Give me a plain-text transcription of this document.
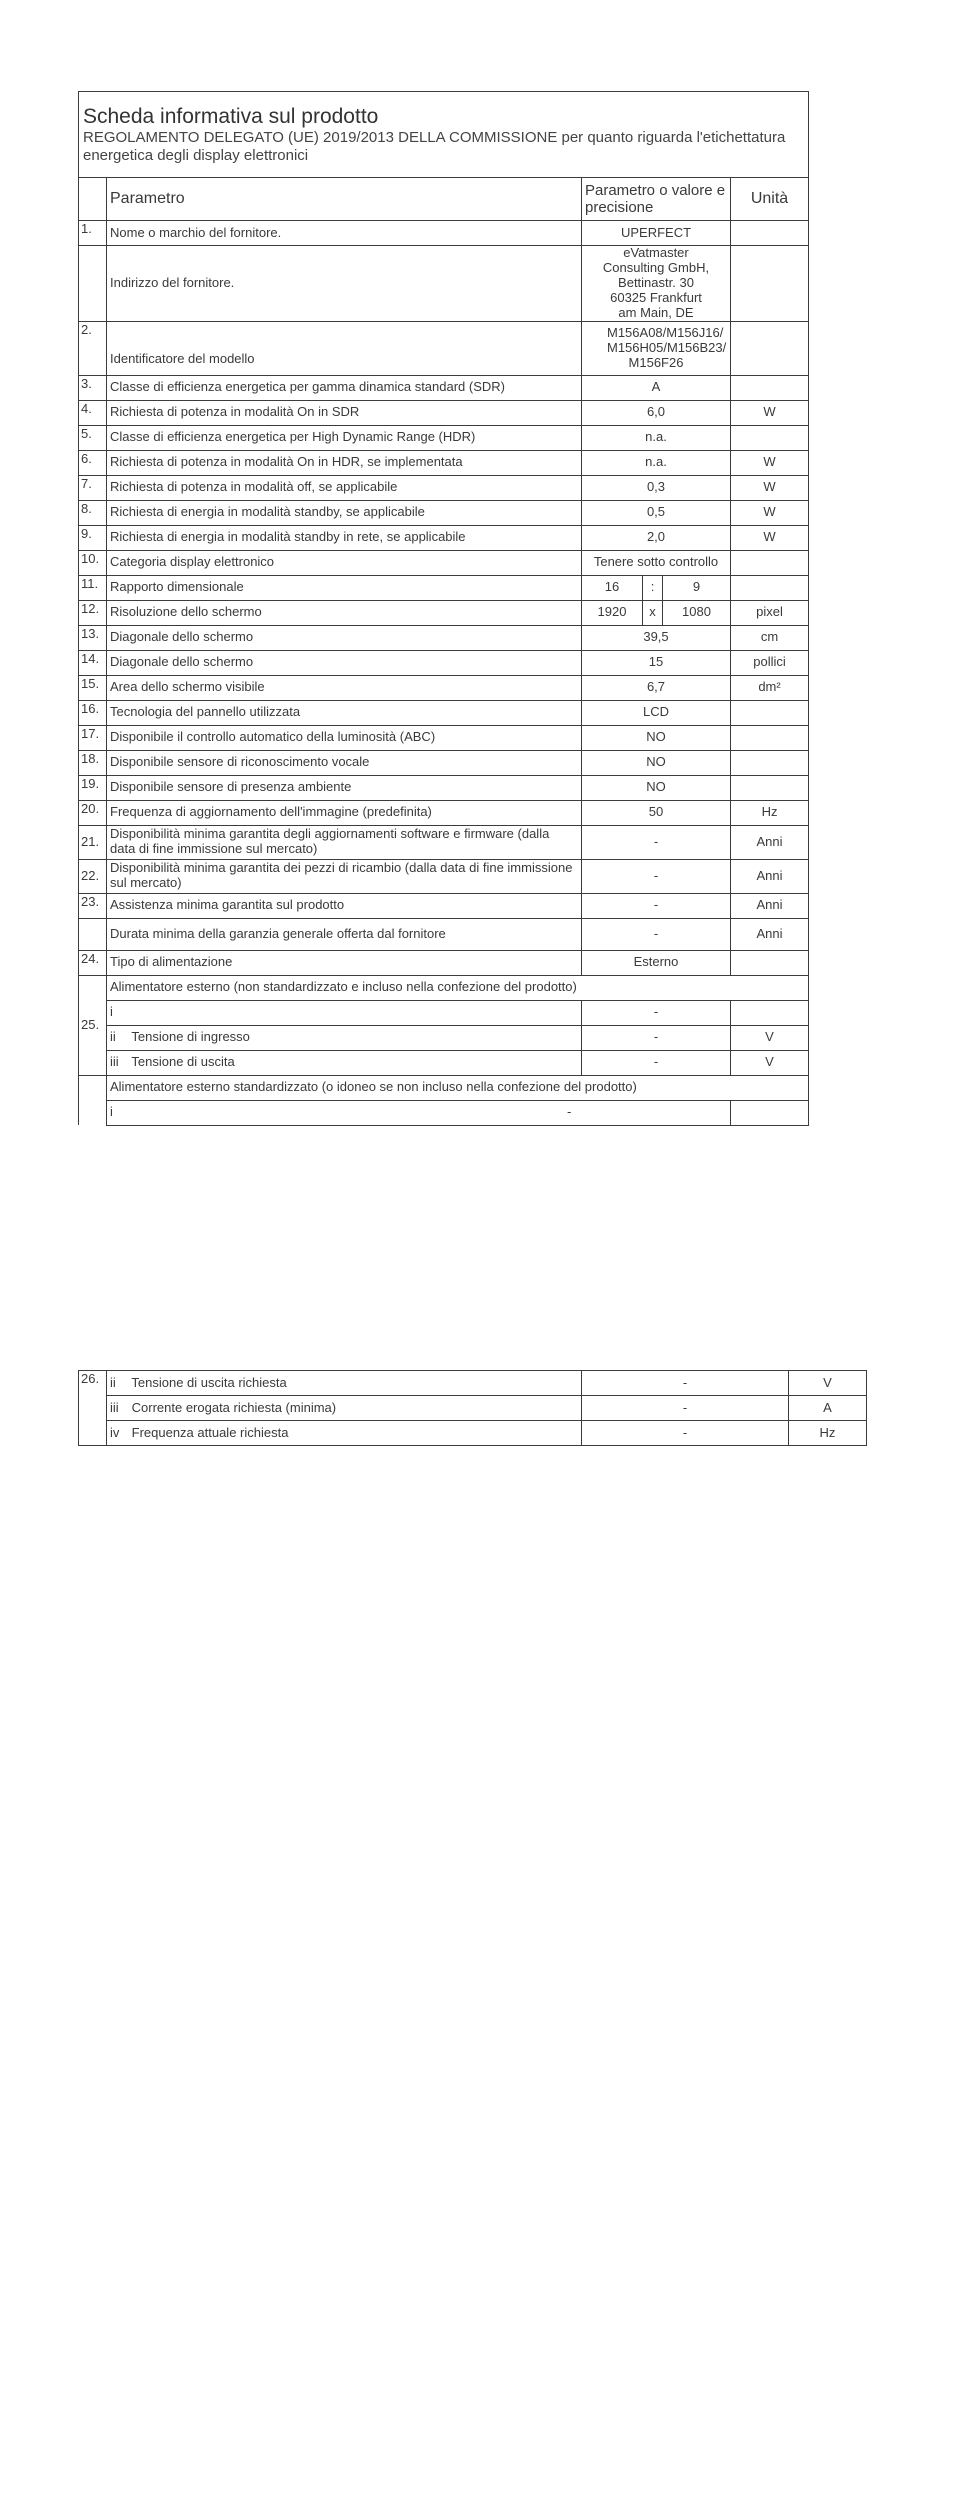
Scheda informativa sul prodotto
REGOLAMENTO DELEGATO (UE) 2019/2013 DELLA COMMISSIONE per quanto riguarda l'etichettatura energetica degli display elettronici					

	Parametro	Parametro o valore e precisione			Unità
1.	Nome o marchio del fornitore.	UPERFECT			
	Indirizzo del fornitore.	eVatmaster Consulting GmbH, Bettinastr. 30 60325 Frankfurt am Main, DE			
2.	Identificatore del modello	M156A08/M156J16/ M156H05/M156B23/ M156F26			
3.	Classe di efficienza energetica per gamma dinamica standard (SDR)	A			
4.	Richiesta di potenza in modalità On in SDR	6,0			W
5.	Classe di efficienza energetica per High Dynamic Range (HDR)	n.a.			
6.	Richiesta di potenza in modalità On in HDR, se implementata	n.a.			W
7.	Richiesta di potenza in modalità off, se applicabile	0,3			W
8.	Richiesta di energia in modalità standby, se applicabile	0,5			W
9.	Richiesta di energia in modalità standby in rete, se applicabile	2,0			W
10.	Categoria display elettronico	Tenere sotto controllo			
11.	Rapporto dimensionale	16	:	9	
12.	Risoluzione dello schermo	1920	x	1080	pixel
13.	Diagonale dello schermo	39,5			cm
14.	Diagonale dello schermo	15			pollici
15.	Area dello schermo visibile	6,7			dm²
16.	Tecnologia del pannello utilizzata	LCD			
17.	Disponibile il controllo automatico della luminosità (ABC)	NO			
18.	Disponibile sensore di riconoscimento vocale	NO			
19.	Disponibile sensore di presenza ambiente	NO			
20.	Frequenza di aggiornamento dell'immagine (predefinita)	50			Hz
21.	Disponibilità minima garantita degli aggiornamenti software e firmware (dalla data di fine immissione sul mercato)	-			Anni
22.	Disponibilità minima garantita dei pezzi di ricambio (dalla data di fine immissione sul mercato)	-			Anni
23.	Assistenza minima garantita sul prodotto	-			Anni
	Durata minima della garanzia generale offerta dal fornitore	-			Anni
24.	Tipo di alimentazione	Esterno			
25.	Alimentatore esterno (non standardizzato e incluso nella confezione del prodotto)				
	i	-			
	ii Tensione di ingresso	-			V
	iii Tensione di uscita	-			V
	Alimentatore esterno standardizzato (o idoneo se non incluso nella confezione del prodotto)				
	i -				

26.	ii Tensione di uscita richiesta	-	V
	iii Corrente erogata richiesta (minima)	-	A
	iv Frequenza attuale richiesta	-	Hz
